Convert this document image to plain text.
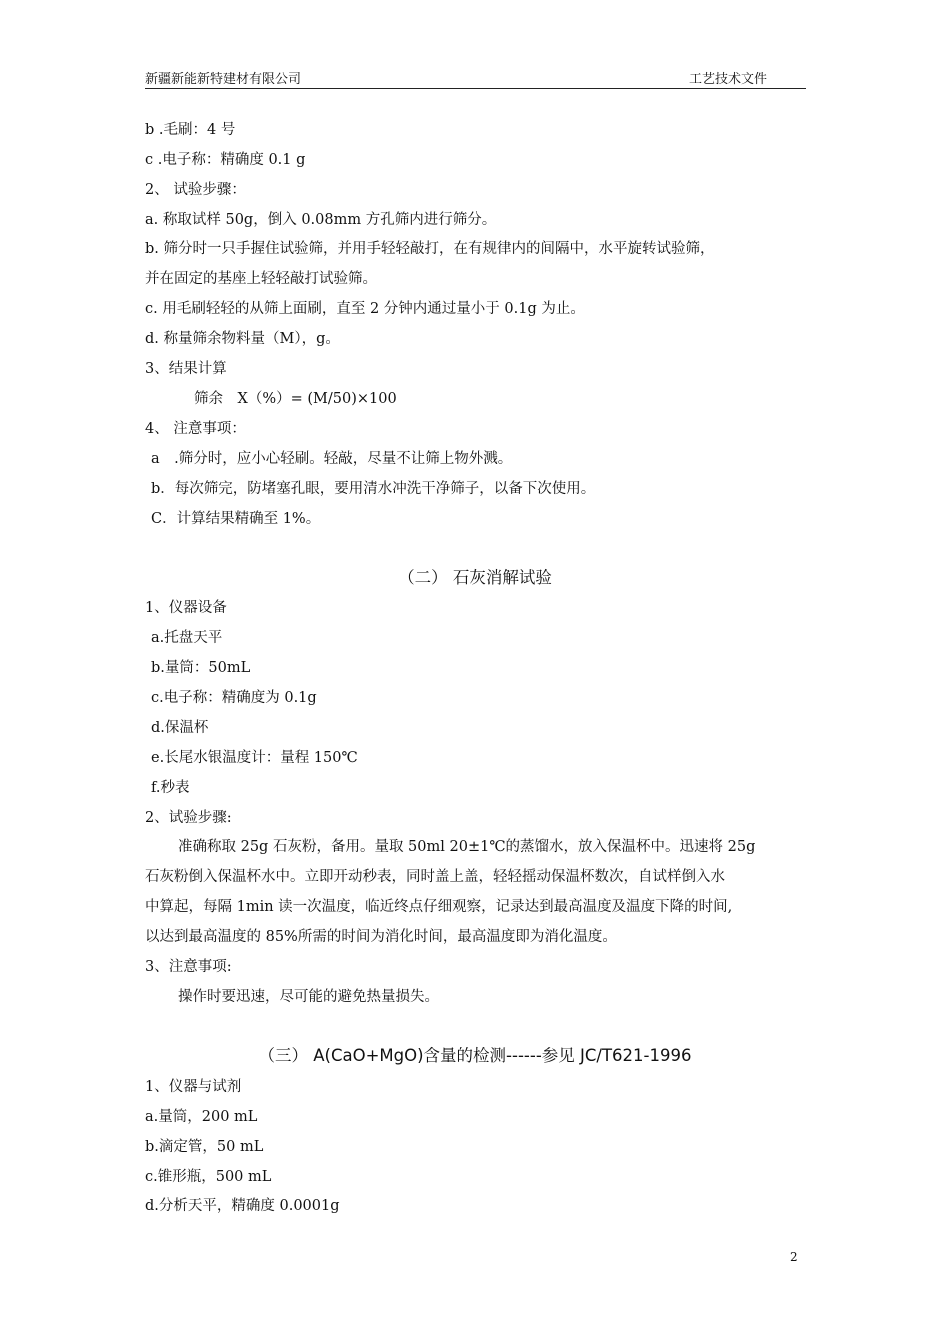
新疆新能新特建材有限公司	工艺技术文件
b .毛刷：4 号
c .电子称：精确度 0.1 g
2、 试验步骤：
a. 称取试样 50g，倒入 0.08mm 方孔筛内进行筛分。
b. 筛分时一只手握住试验筛，并用手轻轻敲打，在有规律内的间隔中，水平旋转试验筛，
并在固定的基座上轻轻敲打试验筛。
c. 用毛刷轻轻的从筛上面刷，直至 2 分钟内通过量小于 0.1g 为止。
d. 称量筛余物料量（M），g。
3、结果计算
筛余　X（%）= (M/50)×100
4、 注意事项：
a　.筛分时，应小心轻刷。轻敲，尽量不让筛上物外溅。
b．每次筛完，防堵塞孔眼，要用清水冲洗干净筛子，以备下次使用。
C．计算结果精确至 1%。
（二） 石灰消解试验
1、仪器设备
a.托盘天平
b.量筒：50mL
c.电子称：精确度为 0.1g
d.保温杯
e.长尾水银温度计：量程 150℃
f.秒表
2、试验步骤:
准确称取 25g 石灰粉，备用。量取 50ml 20±1℃的蒸馏水，放入保温杯中。迅速将 25g
石灰粉倒入保温杯水中。立即开动秒表，同时盖上盖，轻轻摇动保温杯数次，自试样倒入水
中算起，每隔 1min 读一次温度，临近终点仔细观察，记录达到最高温度及温度下降的时间,
以达到最高温度的 85%所需的时间为消化时间，最高温度即为消化温度。
3、注意事项:
操作时要迅速，尽可能的避免热量损失。
（三） A(CaO+MgO)含量的检测------参见 JC/T621-1996
1、仪器与试剂
a.量筒，200 mL
b.滴定管，50 mL
c.锥形瓶，500 mL
d.分析天平，精确度 0.0001g
2
